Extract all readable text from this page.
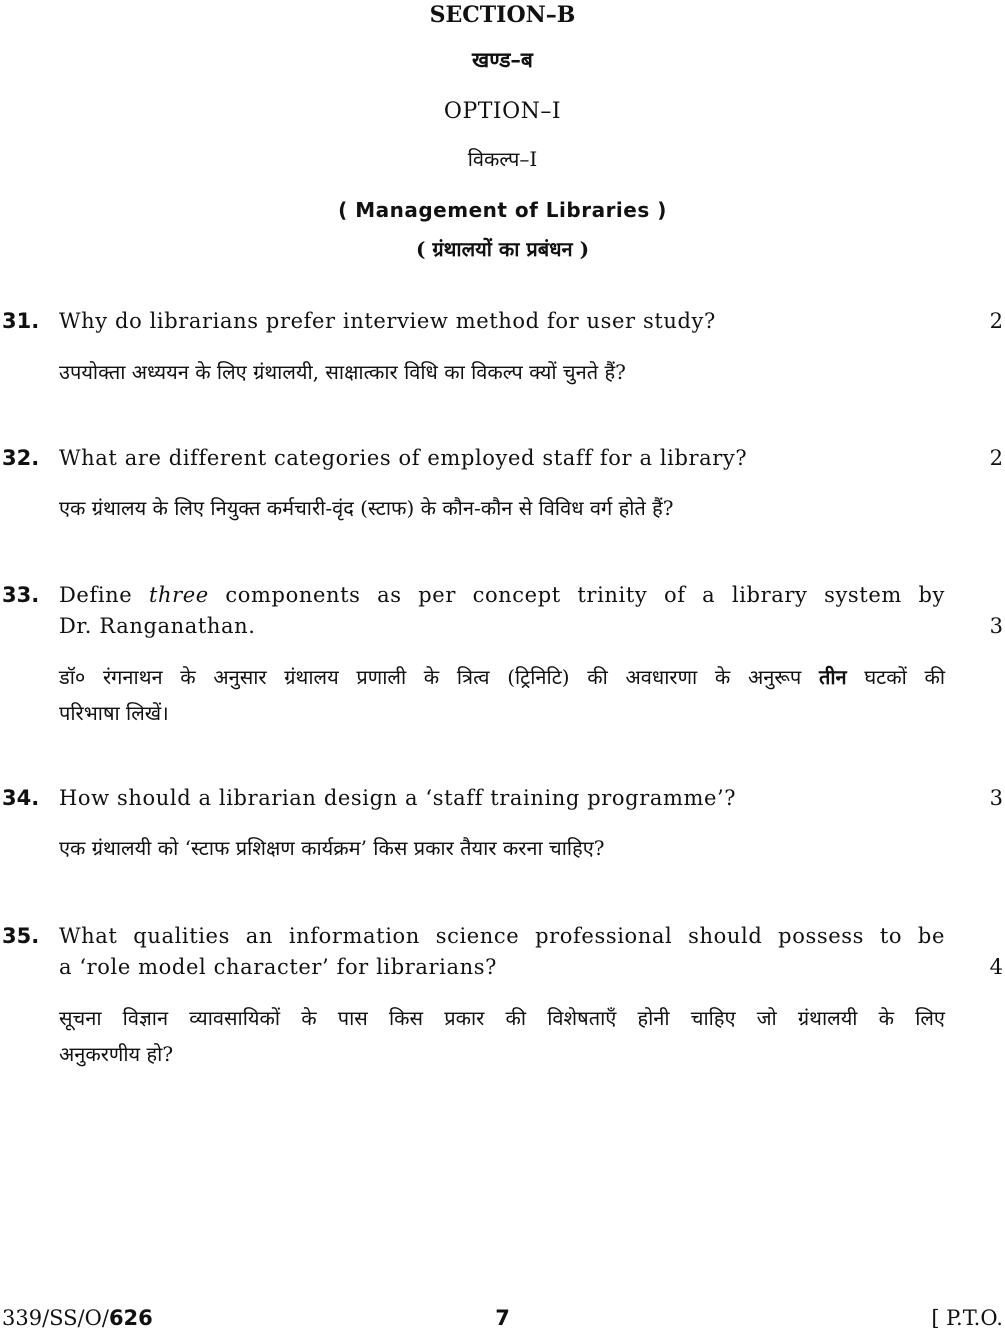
SECTION–B
खण्ड–ब
OPTION–I
विकल्प–I
( Management of Libraries )
( ग्रंथालयों का प्रबंधन )
31. Why do librarians prefer interview method for user study?	2
उपयोक्ता अध्ययन के लिए ग्रंथालयी, साक्षात्कार विधि का विकल्प क्यों चुनते हैं?
32. What are different categories of employed staff for a library?	2
एक ग्रंथालय के लिए नियुक्त कर्मचारी-वृंद (स्टाफ) के कौन-कौन से विविध वर्ग होते हैं?
33. Define three components as per concept trinity of a library system by
Dr. Ranganathan.	3
डॉ० रंगनाथन के अनुसार ग्रंथालय प्रणाली के त्रित्व (ट्रिनिटि) की अवधारणा के अनुरूप तीन घटकों की
परिभाषा लिखें।
34. How should a librarian design a ‘staff training programme’?	3
एक ग्रंथालयी को ‘स्टाफ प्रशिक्षण कार्यक्रम’ किस प्रकार तैयार करना चाहिए?
35. What qualities an information science professional should possess to be
a ‘role model character’ for librarians?	4
सूचना विज्ञान व्यावसायिकों के पास किस प्रकार की विशेषताएँ होनी चाहिए जो ग्रंथालयी के लिए
अनुकरणीय हो?
339/SS/O/626	7	[ P.T.O.
